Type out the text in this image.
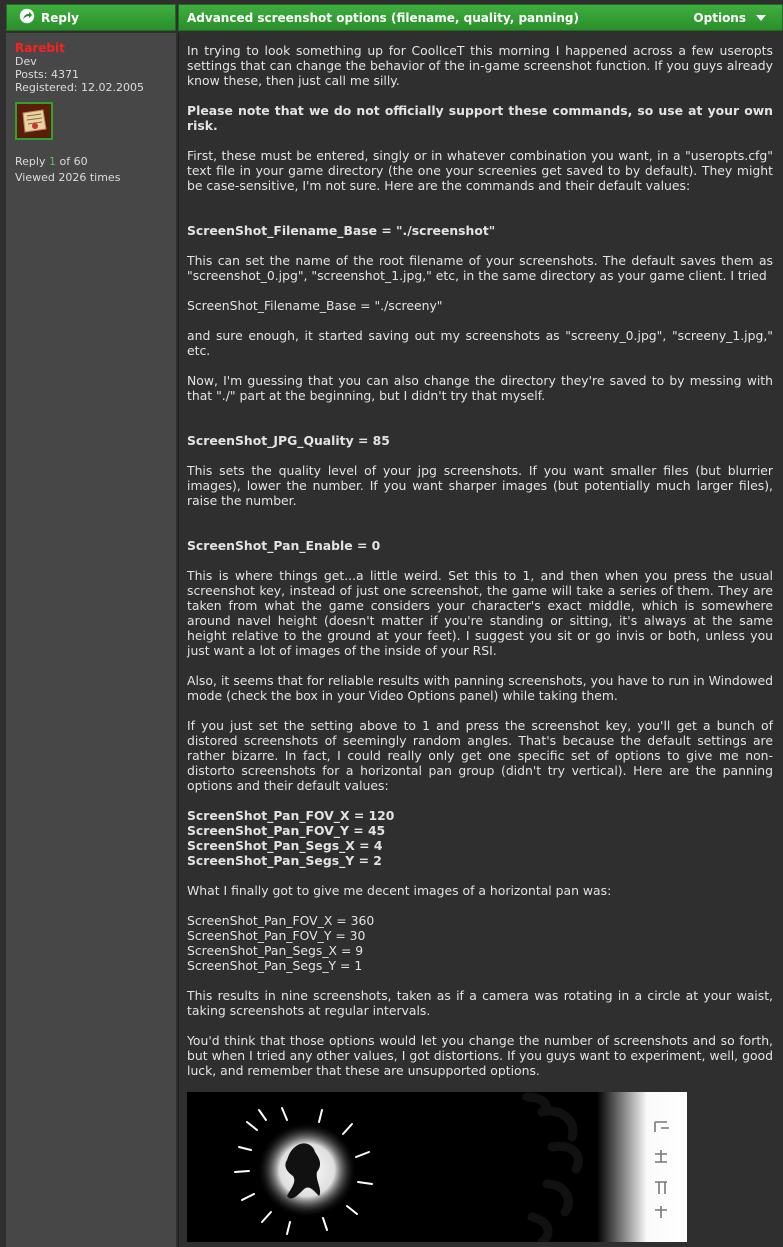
Reply	Advanced screenshot options (filename, quality, panning)	Options
Rarebit
Dev
Posts: 4371
Registered: 12.02.2005
Reply 1 of 60
Viewed 2026 times

In trying to look something up for CoolIceT this morning I happened across a few useropts settings that can change the behavior of the in-game screenshot function. If you guys already know these, then just call me silly.

Please note that we do not officially support these commands, so use at your own risk.

First, these must be entered, singly or in whatever combination you want, in a "useropts.cfg" text file in your game directory (the one your screenies get saved to by default). They might be case-sensitive, I'm not sure. Here are the commands and their default values:

ScreenShot_Filename_Base = "./screenshot"

This can set the name of the root filename of your screenshots. The default saves them as "screenshot_0.jpg", "screenshot_1.jpg," etc, in the same directory as your game client. I tried

ScreenShot_Filename_Base = "./screeny"

and sure enough, it started saving out my screenshots as "screeny_0.jpg", "screeny_1.jpg," etc.

Now, I'm guessing that you can also change the directory they're saved to by messing with that "./" part at the beginning, but I didn't try that myself.

ScreenShot_JPG_Quality = 85

This sets the quality level of your jpg screenshots. If you want smaller files (but blurrier images), lower the number. If you want sharper images (but potentially much larger files), raise the number.

ScreenShot_Pan_Enable = 0

This is where things get...a little weird. Set this to 1, and then when you press the usual screenshot key, instead of just one screenshot, the game will take a series of them. They are taken from what the game considers your character's exact middle, which is somewhere around navel height (doesn't matter if you're standing or sitting, it's always at the same height relative to the ground at your feet). I suggest you sit or go invis or both, unless you just want a lot of images of the inside of your RSI.

Also, it seems that for reliable results with panning screenshots, you have to run in Windowed mode (check the box in your Video Options panel) while taking them.

If you just set the setting above to 1 and press the screenshot key, you'll get a bunch of distored screenshots of seemingly random angles. That's because the default settings are rather bizarre. In fact, I could really only get one specific set of options to give me non-distorto screenshots for a horizontal pan group (didn't try vertical). Here are the panning options and their default values:

ScreenShot_Pan_FOV_X = 120
ScreenShot_Pan_FOV_Y = 45
ScreenShot_Pan_Segs_X = 4
ScreenShot_Pan_Segs_Y = 2

What I finally got to give me decent images of a horizontal pan was:

ScreenShot_Pan_FOV_X = 360
ScreenShot_Pan_FOV_Y = 30
ScreenShot_Pan_Segs_X = 9
ScreenShot_Pan_Segs_Y = 1

This results in nine screenshots, taken as if a camera was rotating in a circle at your waist, taking screenshots at regular intervals.

You'd think that those options would let you change the number of screenshots and so forth, but when I tried any other values, I got distortions. If you guys want to experiment, well, good luck, and remember that these are unsupported options.
